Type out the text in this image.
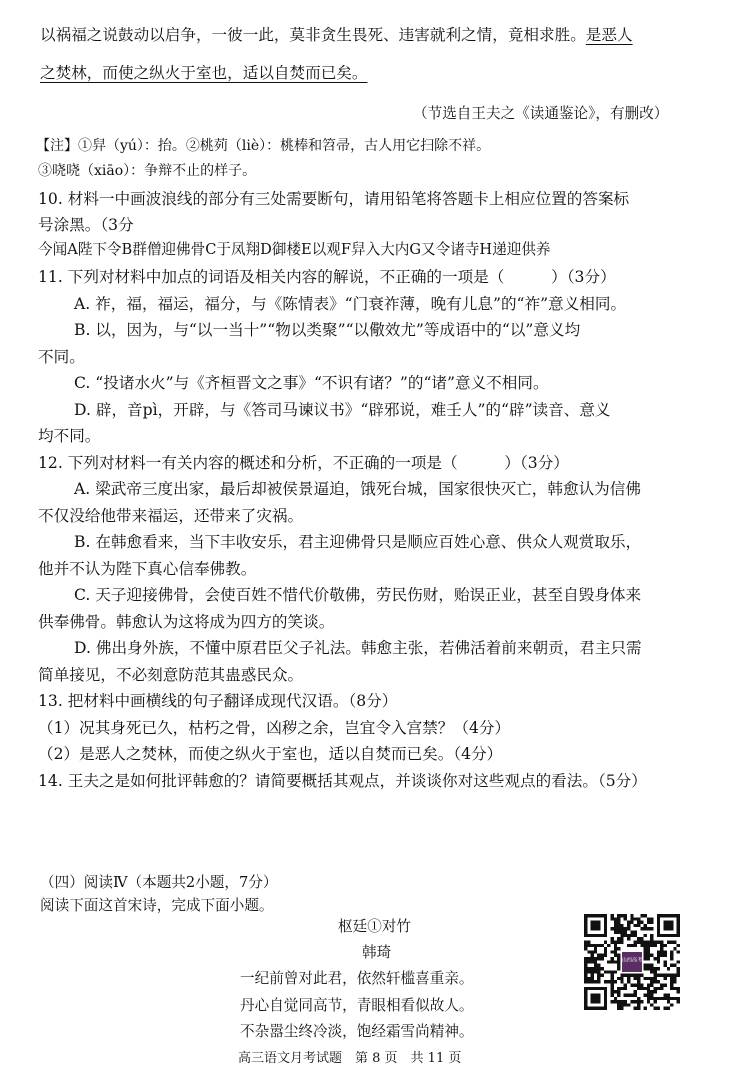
以祸福之说鼓动以启争，一彼一此，莫非贪生畏死、违害就利之情，竟相求胜。是恶人
之焚林，而使之纵火于室也，适以自焚而已矣。
（节选自王夫之《读通鉴论》，有删改）
【注】①舁（yú）：抬。②桃茢（liè）：桃棒和笤帚，古人用它扫除不祥。
③哓哓（xiāo）：争辩不止的样子。
10. 材料一中画波浪线的部分有三处需要断句，请用铅笔将答题卡上相应位置的答案标
号涂黑。（3分
今闻A陛下令B群僧迎佛骨C于凤翔D御楼E以观F舁入大内G又令诸寺H递迎供养
11. 下列对材料中加点的词语及相关内容的解说，不正确的一项是（　　　）（3分）
A. 祚，福，福运，福分，与《陈情表》“门衰祚薄，晚有儿息”的“祚”意义相同。
B. 以，因为，与“以一当十”“物以类聚”“以儆效尤”等成语中的“以”意义均
不同。
C. “投诸水火”与《齐桓晋文之事》“不识有诸？”的“诸”意义不相同。
D. 辟，音pì，开辟，与《答司马谏议书》“辟邪说，难壬人”的“辟”读音、意义
均不同。
12. 下列对材料一有关内容的概述和分析，不正确的一项是（　　　）（3分）
A. 梁武帝三度出家，最后却被侯景逼迫，饿死台城，国家很快灭亡，韩愈认为信佛
不仅没给他带来福运，还带来了灾祸。
B. 在韩愈看来，当下丰收安乐，君主迎佛骨只是顺应百姓心意、供众人观赏取乐，
他并不认为陛下真心信奉佛教。
C. 天子迎接佛骨，会使百姓不惜代价敬佛，劳民伤财，贻误正业，甚至自毁身体来
供奉佛骨。韩愈认为这将成为四方的笑谈。
D. 佛出身外族，不懂中原君臣父子礼法。韩愈主张，若佛活着前来朝贡，君主只需
简单接见，不必刻意防范其蛊惑民众。
13. 把材料中画横线的句子翻译成现代汉语。（8分）
（1）况其身死已久，枯朽之骨，凶秽之余，岂宜令入宫禁？（4分）
（2）是恶人之焚林，而使之纵火于室也，适以自焚而已矣。（4分）
14. 王夫之是如何批评韩愈的？请简要概括其观点，并谈谈你对这些观点的看法。（5分）
（四）阅读Ⅳ（本题共2小题，7分）
阅读下面这首宋诗，完成下面小题。
枢廷①对竹
韩琦
一纪前曾对此君，依然轩槛喜重亲。
丹心自觉同高节，青眼相看似故人。
不杂嚣尘终冷淡，饱经霜雪尚精神。
高三语文月考试题　第 8 页　共 11 页
山西高考
